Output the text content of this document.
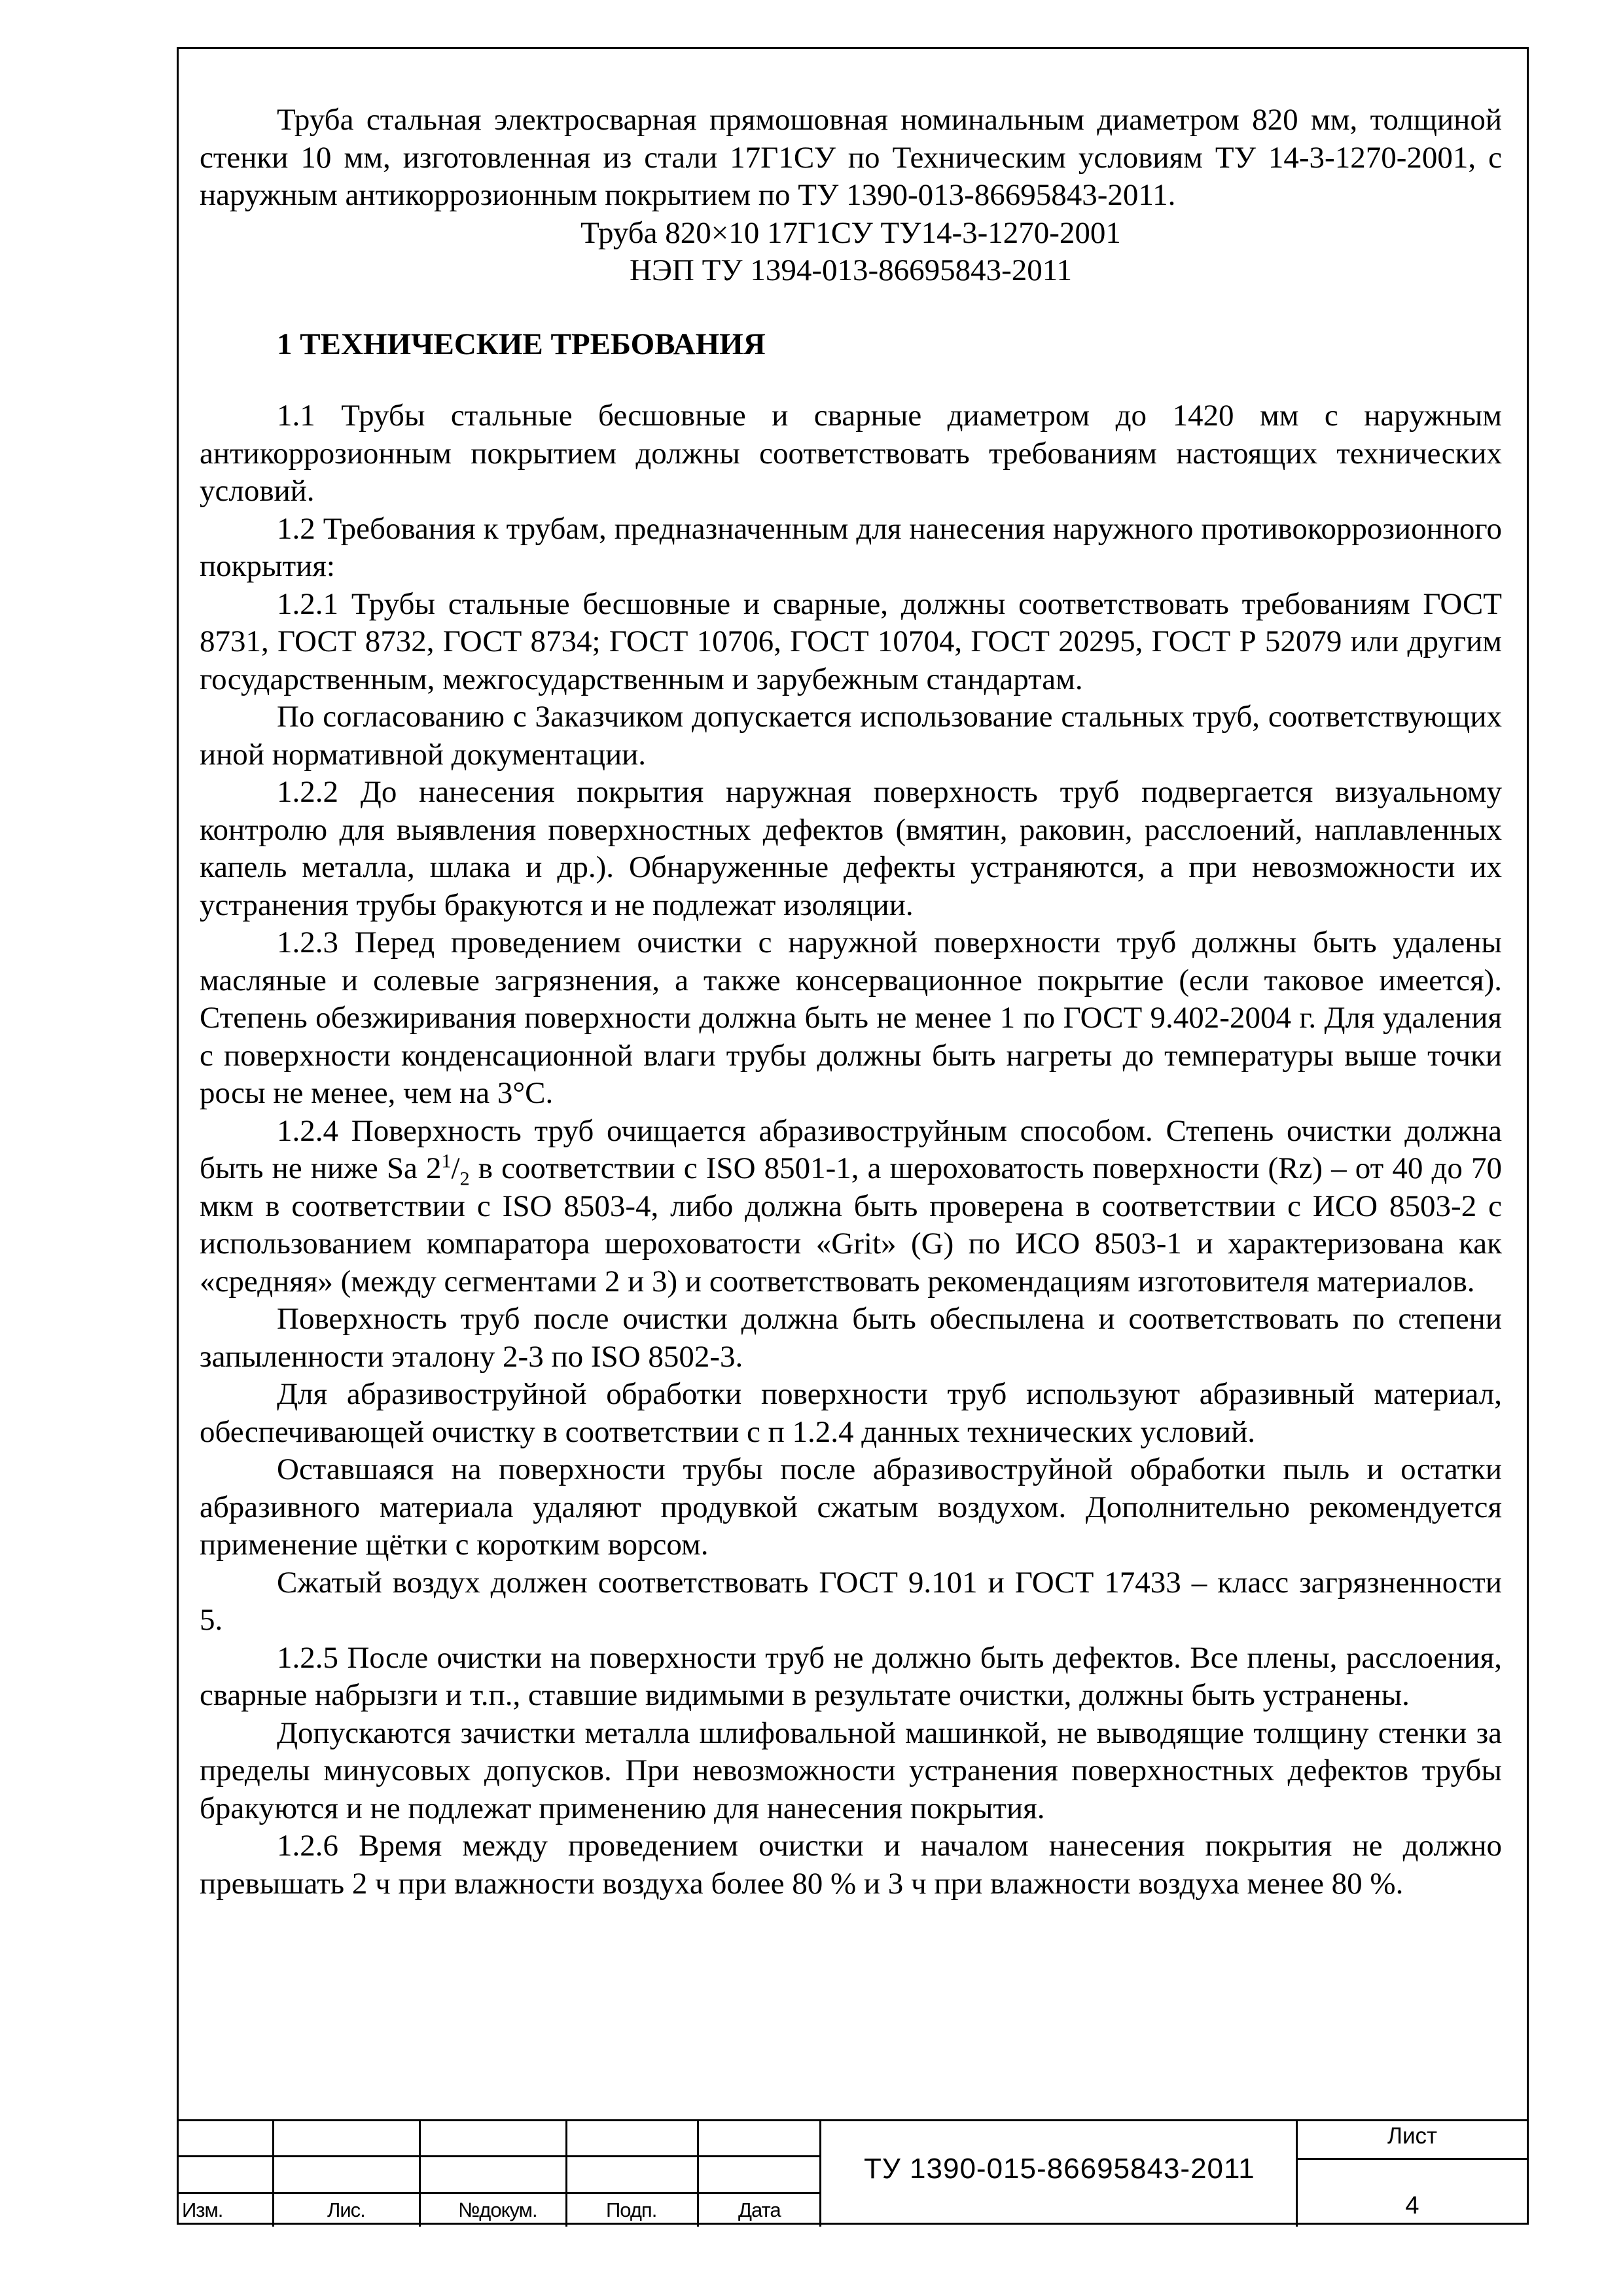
Труба стальная электросварная прямошовная номинальным диаметром 820 мм, толщиной стенки 10 мм, изготовленная из стали 17Г1СУ по Техническим условиям ТУ 14-3-1270-2001, с наружным антикоррозионным покрытием по ТУ 1390-013-86695843-2011.

Труба 820×10 17Г1СУ ТУ14-3-1270-2001

НЭП ТУ 1394-013-86695843-2011

1 ТЕХНИЧЕСКИЕ ТРЕБОВАНИЯ

1.1 Трубы стальные бесшовные и сварные диаметром до 1420 мм с наружным антикоррозионным покрытием должны соответствовать требованиям настоящих технических условий.

1.2 Требования к трубам, предназначенным для нанесения наружного противокоррозионного покрытия:

1.2.1 Трубы стальные бесшовные и сварные, должны соответствовать требованиям ГОСТ 8731, ГОСТ 8732, ГОСТ 8734; ГОСТ 10706, ГОСТ 10704, ГОСТ 20295, ГОСТ Р 52079 или другим государственным, межгосударственным и зарубежным стандартам.

По согласованию с Заказчиком допускается использование стальных труб, соответствующих иной нормативной документации.

1.2.2 До нанесения покрытия наружная поверхность труб подвергается визуальному контролю для выявления поверхностных дефектов (вмятин, раковин, расслоений, наплавленных капель металла, шлака и др.). Обнаруженные дефекты устраняются, а при невозможности их устранения трубы бракуются и не подлежат изоляции.

1.2.3 Перед проведением очистки с наружной поверхности труб должны быть удалены масляные и солевые загрязнения, а также консервационное покрытие (если таковое имеется). Степень обезжиривания поверхности должна быть не менее 1 по ГОСТ 9.402-2004 г. Для удаления с поверхности конденсационной влаги трубы должны быть нагреты до температуры выше точки росы не менее, чем на 3°С.

1.2.4 Поверхность труб очищается абразивоструйным способом. Степень очистки должна быть не ниже Sa $2^1/_2$ в соответствии с ISO 8501-1, а шероховатость поверхности (Rz) – от 40 до 70 мкм в соответствии с ISO 8503-4, либо должна быть проверена в соответствии с ИСО 8503-2 с использованием компаратора шероховатости «Grit» (G) по ИСО 8503-1 и характеризована как «средняя» (между сегментами 2 и 3) и соответствовать рекомендациям изготовителя материалов.

Поверхность труб после очистки должна быть обеспылена и соответствовать по степени запыленности эталону 2-3 по ISO 8502-3.

Для абразивоструйной обработки поверхности труб используют абразивный материал, обеспечивающей очистку в соответствии с п 1.2.4 данных технических условий.

Оставшаяся на поверхности трубы после абразивоструйной обработки пыль и остатки абразивного материала удаляют продувкой сжатым воздухом. Дополнительно рекомендуется применение щётки с коротким ворсом.

Сжатый воздух должен соответствовать ГОСТ 9.101 и ГОСТ 17433 – класс загрязненности 5.

1.2.5 После очистки на поверхности труб не должно быть дефектов. Все плены, расслоения, сварные набрызги и т.п., ставшие видимыми в результате очистки, должны быть устранены.

Допускаются зачистки металла шлифовальной машинкой, не выводящие толщину стенки за пределы минусовых допусков. При невозможности устранения поверхностных дефектов трубы бракуются и не подлежат применению для нанесения покрытия.

1.2.6 Время между проведением очистки и началом нанесения покрытия не должно превышать 2 ч при влажности воздуха более 80 % и 3 ч при влажности воздуха менее 80 %.

Изм.	Лис.	№докум.	Подп.	Дата
ТУ 1390-015-86695843-2011
Лист
4
